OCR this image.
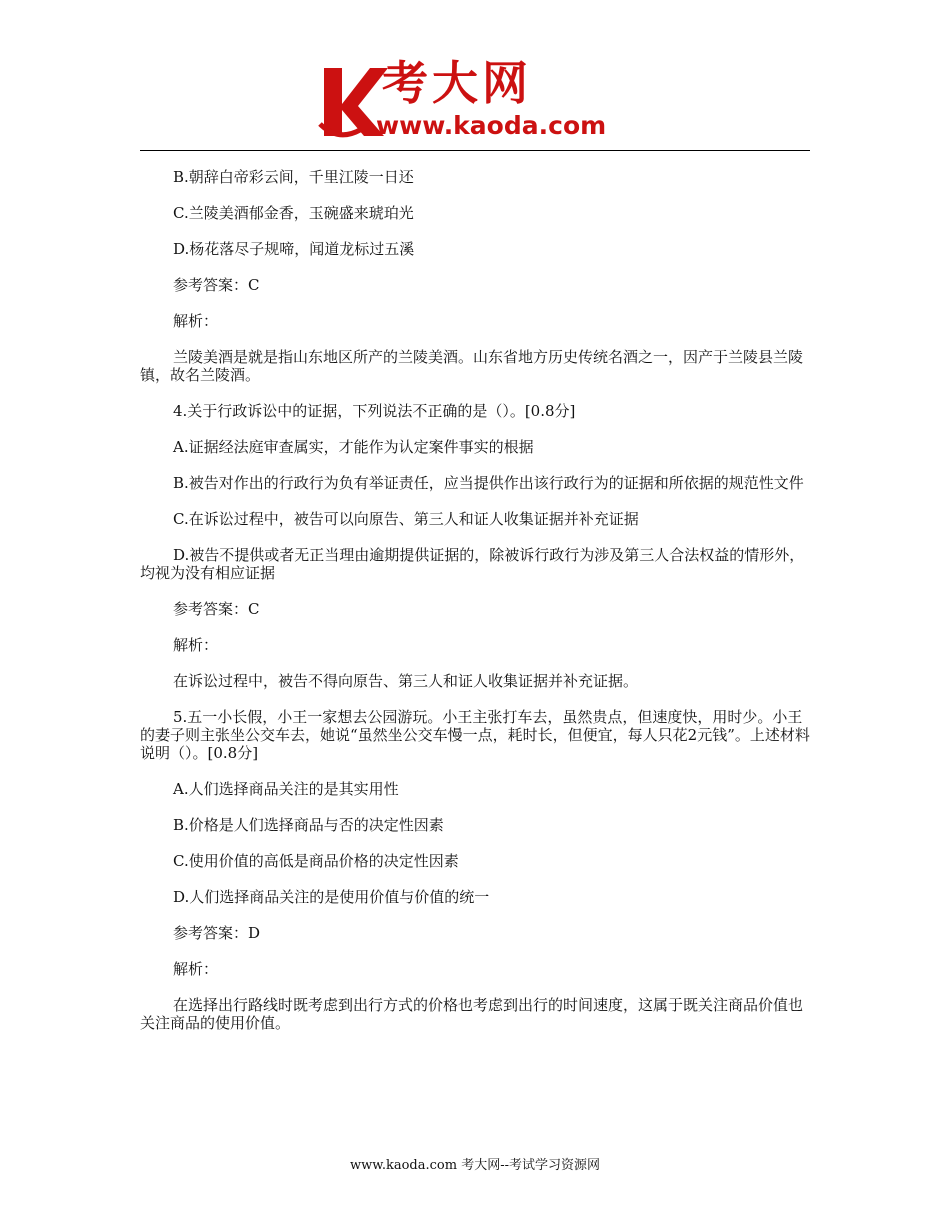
考大网
www.kaoda.com

B.朝辞白帝彩云间，千里江陵一日还

C.兰陵美酒郁金香，玉碗盛来琥珀光

D.杨花落尽子规啼，闻道龙标过五溪

参考答案：C

解析：

兰陵美酒是就是指山东地区所产的兰陵美酒。山东省地方历史传统名酒之一，因产于兰陵县兰陵镇，故名兰陵酒。

4.关于行政诉讼中的证据，下列说法不正确的是（）。[0.8分]

A.证据经法庭审查属实，才能作为认定案件事实的根据

B.被告对作出的行政行为负有举证责任，应当提供作出该行政行为的证据和所依据的规范性文件

C.在诉讼过程中，被告可以向原告、第三人和证人收集证据并补充证据

D.被告不提供或者无正当理由逾期提供证据的，除被诉行政行为涉及第三人合法权益的情形外，均视为没有相应证据

参考答案：C

解析：

在诉讼过程中，被告不得向原告、第三人和证人收集证据并补充证据。

5.五一小长假，小王一家想去公园游玩。小王主张打车去，虽然贵点，但速度快，用时少。小王的妻子则主张坐公交车去，她说“虽然坐公交车慢一点，耗时长，但便宜，每人只花2元钱”。上述材料说明（）。[0.8分]

A.人们选择商品关注的是其实用性

B.价格是人们选择商品与否的决定性因素

C.使用价值的高低是商品价格的决定性因素

D.人们选择商品关注的是使用价值与价值的统一

参考答案：D

解析：

在选择出行路线时既考虑到出行方式的价格也考虑到出行的时间速度，这属于既关注商品价值也关注商品的使用价值。

www.kaoda.com 考大网--考试学习资源网
